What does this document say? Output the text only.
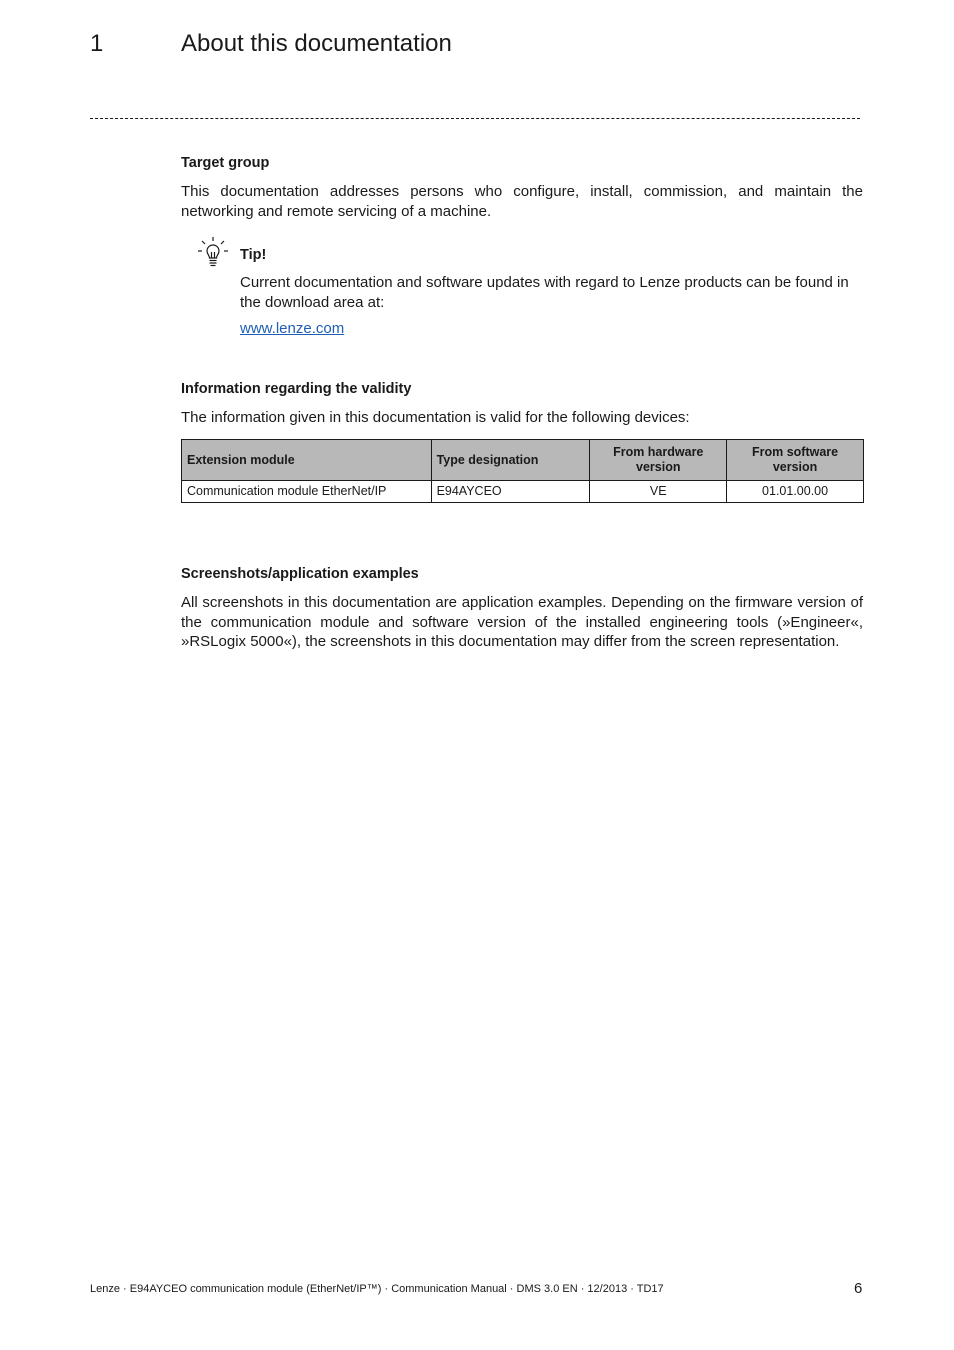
1	About this documentation
Target group
This documentation addresses persons who configure, install, commission, and maintain the networking and remote servicing of a machine.
Tip!
Current documentation and software updates with regard to Lenze products can be found in the download area at:
www.lenze.com
Information regarding the validity
The information given in this documentation is valid for the following devices:
Extension module	Type designation	From hardware version	From software version
Communication module EtherNet/IP	E94AYCEO	VE	01.01.00.00
Screenshots/application examples
All screenshots in this documentation are application examples. Depending on the firmware version of the communication module and software version of the installed engineering tools (»Engineer«, »RSLogix 5000«), the screenshots in this documentation may differ from the screen representation.
Lenze · E94AYCEO communication module (EtherNet/IP™) · Communication Manual · DMS 3.0 EN · 12/2013 · TD17	6
